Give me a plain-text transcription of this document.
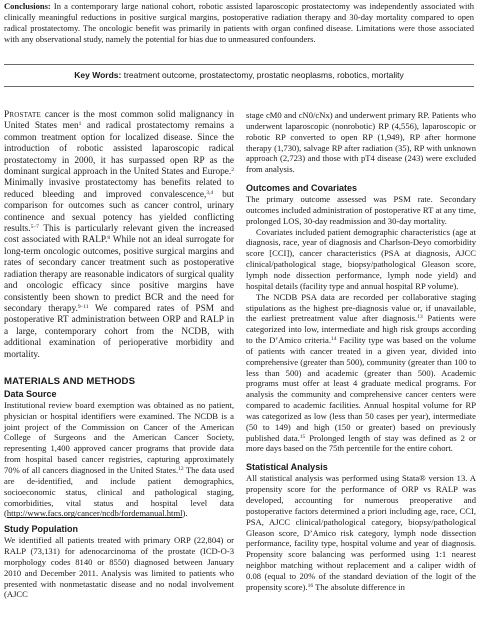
Conclusions: In a contemporary large national cohort, robotic assisted laparoscopic prostatectomy was independently associated with clinically meaningful reductions in positive surgical margins, postoperative radiation therapy and 30-day mortality compared to open radical prostatectomy. The oncologic benefit was primarily in patients with organ confined disease. Limitations were those associated with any observational study, namely the potential for bias due to unmeasured confounders.
Key Words: treatment outcome, prostatectomy, prostatic neoplasms, robotics, mortality

Prostate cancer is the most common solid malignancy in United States men$^1$ and radical prostatectomy remains a common treatment option for localized disease. Since the introduction of robotic assisted laparoscopic radical prostatectomy in 2000, it has surpassed open RP as the dominant surgical approach in the United States and Europe.$^2$ Minimally invasive prostatectomy has benefits related to reduced bleeding and improved convalescence,$^{3,4}$ but comparison for outcomes such as cancer control, urinary continence and sexual potency has yielded conflicting results.$^{5-7}$ This is particularly relevant given the increased cost associated with RALP.$^8$ While not an ideal surrogate for long-term oncologic outcomes, positive surgical margins and rates of secondary cancer treatment such as postoperative radiation therapy are reasonable indicators of surgical quality and oncologic efficacy since positive margins have consistently been shown to predict BCR and the need for secondary therapy.$^{9-11}$ We compared rates of PSM and postoperative RT administration between ORP and RALP in a large, contemporary cohort from the NCDB, with additional examination of perioperative morbidity and mortality.

MATERIALS AND METHODS
Data Source

Institutional review board exemption was obtained as no patient, physician or hospital identifiers were examined. The NCDB is a joint project of the Commission on Cancer of the American College of Surgeons and the American Cancer Society, representing 1,400 approved cancer programs that provide data from hospital based cancer registries, capturing approximately 70% of all cancers diagnosed in the United States.$^{12}$ The data used are de-identified, and include patient demographics, socioeconomic status, clinical and pathological staging, comorbidities, vital status and hospital level data (http://www.facs.org/cancer/ncdb/fordemanual.html).

Study Population

We identified all patients treated with primary ORP (22,804) or RALP (73,131) for adenocarcinoma of the prostate (ICD-O-3 morphology codes 8140 or 8550) diagnosed between January 2010 and December 2011. Analysis was limited to patients who presented with nonmetastatic disease and no nodal involvement (AJCC

stage cM0 and cN0/cNx) and underwent primary RP. Patients who underwent laparoscopic (nonrobotic) RP (4,556), laparoscopic or robotic RP converted to open RP (1,949), RP after hormone therapy (1,730), salvage RP after radiation (35), RP with unknown approach (2,723) and those with pT4 disease (243) were excluded from analysis.

Outcomes and Covariates

The primary outcome assessed was PSM rate. Secondary outcomes included administration of postoperative RT at any time, prolonged LOS, 30-day readmission and 30-day mortality.

Covariates included patient demographic characteristics (age at diagnosis, race, year of diagnosis and Charlson-Deyo comorbidity score [CCI]), cancer characteristics (PSA at diagnosis, AJCC clinical/pathological stage, biopsy/pathological Gleason score, lymph node dissection performance, lymph node yield) and hospital details (facility type and annual hospital RP volume).

The NCDB PSA data are recorded per collaborative staging stipulations as the highest pre-diagnosis value or, if unavailable, the earliest pretreatment value after diagnosis.$^{13}$ Patients were categorized into low, intermediate and high risk groups according to the D’Amico criteria.$^{14}$ Facility type was based on the volume of patients with cancer treated in a given year, divided into comprehensive (greater than 500), community (greater than 100 to less than 500) and academic (greater than 500). Academic programs must offer at least 4 graduate medical programs. For analysis the community and comprehensive cancer centers were compared to academic facilities. Annual hospital volume for RP was categorized as low (less than 50 cases per year), intermediate (50 to 149) and high (150 or greater) based on previously published data.$^{15}$ Prolonged length of stay was defined as 2 or more days based on the 75th percentile for the entire cohort.

Statistical Analysis

All statistical analysis was performed using Stata® version 13. A propensity score for the performance of ORP vs RALP was developed, accounting for numerous preoperative and postoperative factors determined a priori including age, race, CCI, PSA, AJCC clinical/pathological category, biopsy/pathological Gleason score, D’Amico risk category, lymph node dissection performance, facility type, hospital volume and year of diagnosis. Propensity score balancing was performed using 1:1 nearest neighbor matching without replacement and a caliper width of 0.08 (equal to 20% of the standard deviation of the logit of the propensity score).$^{16}$ The absolute difference in
